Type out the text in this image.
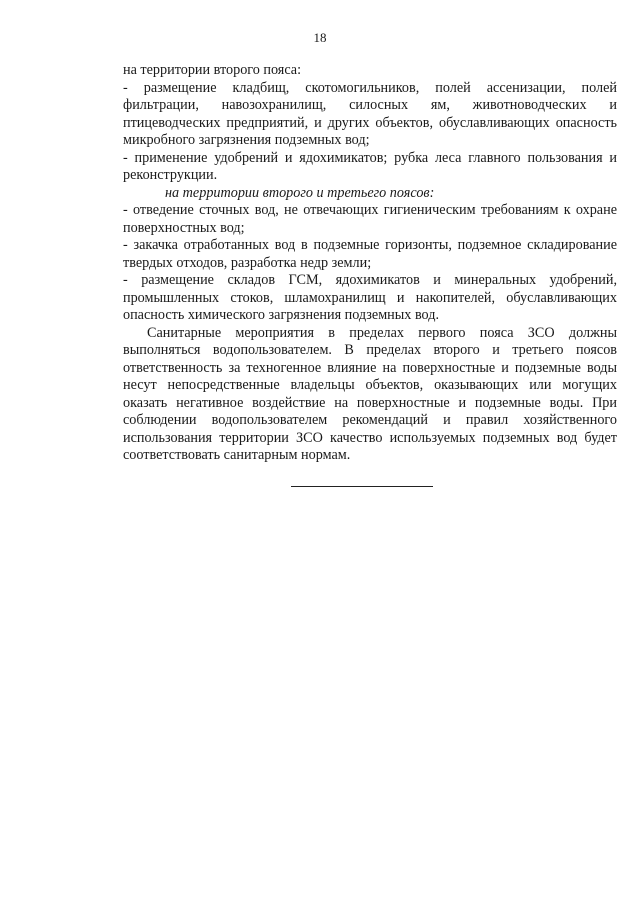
18

на территории второго пояса:

- размещение кладбищ, скотомогильников, полей ассенизации, полей фильтрации, навозохранилищ, силосных ям, животноводческих и птицеводческих предприятий, и других объектов, обуславливающих опасность микробного загрязнения подземных вод;

- применение удобрений и ядохимикатов; рубка леса главного пользования и реконструкции.

на территории второго и третьего поясов:

- отведение сточных вод, не отвечающих гигиеническим требованиям к охране поверхностных вод;

- закачка отработанных вод в подземные горизонты, подземное складирование твердых отходов, разработка недр земли;

- размещение складов ГСМ, ядохимикатов и минеральных удобрений, промышленных стоков, шламохранилищ и накопителей, обуславливающих опасность химического загрязнения подземных вод.

Санитарные мероприятия в пределах первого пояса ЗСО должны выполняться водопользователем. В пределах второго и третьего поясов ответственность за техногенное влияние на поверхностные и подземные воды несут непосредственные владельцы объектов, оказывающих или могущих оказать негативное воздействие на поверхностные и подземные воды. При соблюдении водопользователем рекомендаций и правил хозяйственного использования территории ЗСО качество используемых подземных вод будет соответствовать санитарным нормам.
